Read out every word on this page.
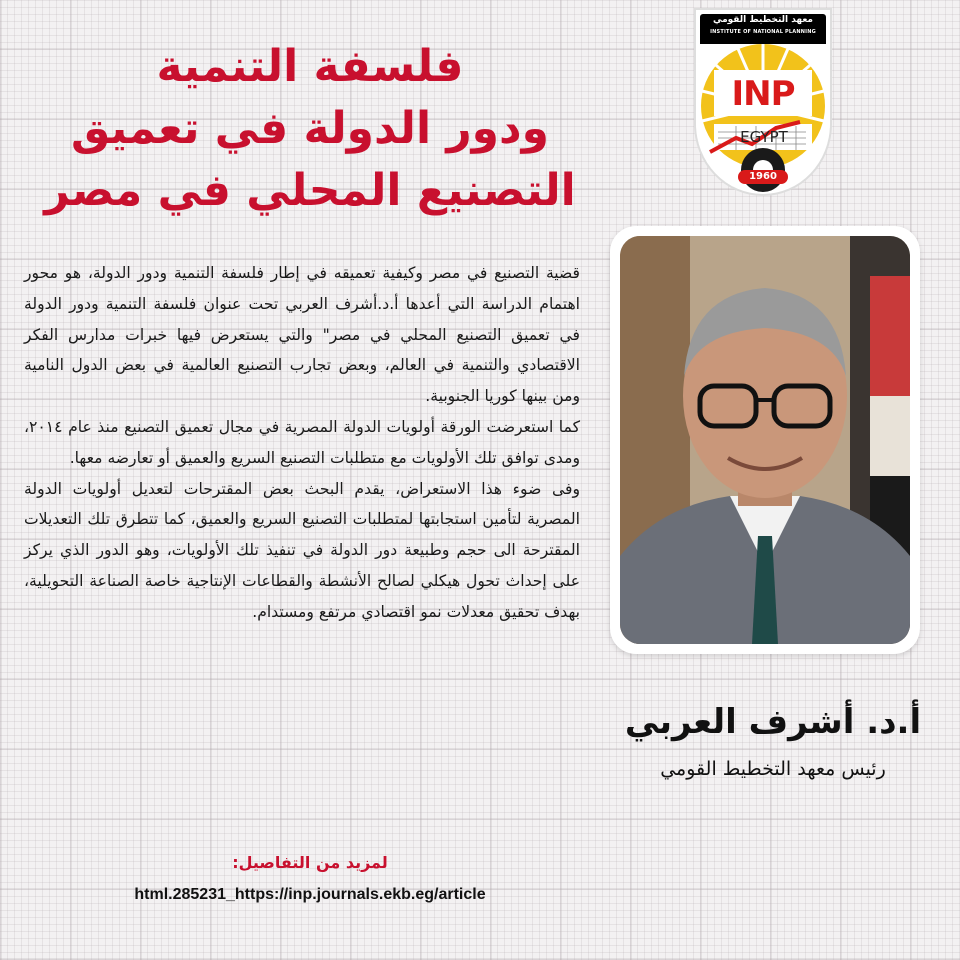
فلسفة التنمية
ودور الدولة في تعميق
التصنيع المحلي في مصر
معهد التخطيط القومي
INSTITUTE OF NATIONAL PLANNING
INP
EGYPT
1960

قضية التصنيع في مصر وكيفية تعميقه في إطار فلسفة التنمية ودور الدولة، هو محور اهتمام الدراسة التي أعدها أ.د.أشرف العربي تحت عنوان فلسفة التنمية ودور الدولة في تعميق التصنيع المحلي في مصر" والتي يستعرض فيها خبرات مدارس الفكر الاقتصادي والتنمية في العالم، وبعض تجارب التصنيع العالمية في بعض الدول النامية ومن بينها كوريا الجنوبية.

كما استعرضت الورقة أولويات الدولة المصرية في مجال تعميق التصنيع منذ عام ٢٠١٤، ومدى توافق تلك الأولويات مع متطلبات التصنيع السريع والعميق أو تعارضه معها.

وفى ضوء هذا الاستعراض، يقدم البحث بعض المقترحات لتعديل أولويات الدولة المصرية لتأمين استجابتها لمتطلبات التصنيع السريع والعميق، كما تتطرق تلك التعديلات المقترحة الى حجم وطبيعة دور الدولة في تنفيذ تلك الأولويات، وهو الدور الذي يركز على إحداث تحول هيكلي لصالح الأنشطة والقطاعات الإنتاجية خاصة الصناعة التحويلية، بهدف تحقيق معدلات نمو اقتصادي مرتفع ومستدام.

أ.د. أشرف العربي
رئيس معهد التخطيط القومي
لمزيد من التفاصيل:
html.285231_https://inp.journals.ekb.eg/article
